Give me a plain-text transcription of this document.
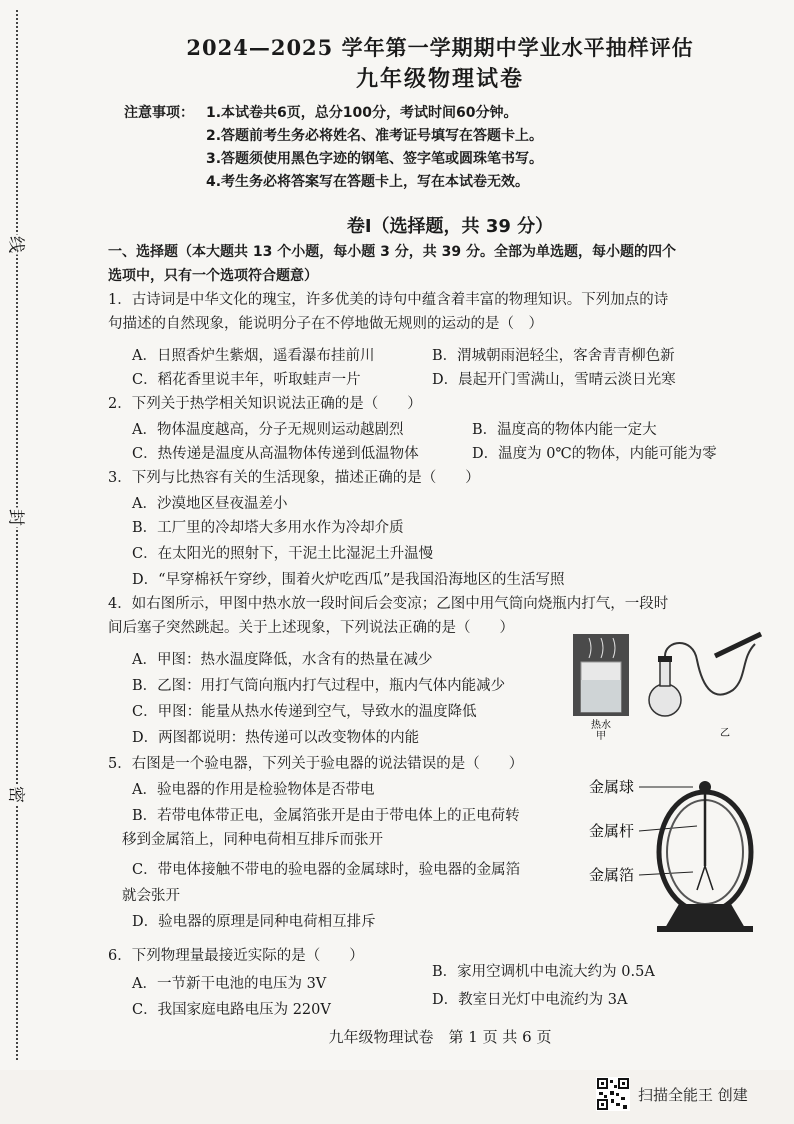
线
封
密
2024—2025 学年第一学期期中学业水平抽样评估
九年级物理试卷
注意事项： 1.本试卷共6页，总分100分，考试时间60分钟。
2.答题前考生务必将姓名、准考证号填写在答题卡上。
3.答题须使用黑色字迹的钢笔、签字笔或圆珠笔书写。
4.考生务必将答案写在答题卡上，写在本试卷无效。
卷Ⅰ（选择题，共 39 分）
一、选择题（本大题共 13 个小题，每小题 3 分，共 39 分。全部为单选题，每小题的四个
选项中，只有一个选项符合题意）
1．古诗词是中华文化的瑰宝，许多优美的诗句中蕴含着丰富的物理知识。下列加点的诗
句描述的自然现象，能说明分子在不停地做无规则的运动的是（　）
A．日照香炉生紫烟，遥看瀑布挂前川	B．渭城朝雨浥轻尘，客舍青青柳色新
C．稻花香里说丰年，听取蛙声一片	D．晨起开门雪满山，雪晴云淡日光寒
2．下列关于热学相关知识说法正确的是（　　）
A．物体温度越高，分子无规则运动越剧烈	B．温度高的物体内能一定大
C．热传递是温度从高温物体传递到低温物体	D．温度为 0℃的物体，内能可能为零
3．下列与比热容有关的生活现象，描述正确的是（　　）
A．沙漠地区昼夜温差小
B．工厂里的冷却塔大多用水作为冷却介质
C．在太阳光的照射下，干泥土比湿泥土升温慢
D．“早穿棉袄午穿纱，围着火炉吃西瓜”是我国沿海地区的生活写照
4．如右图所示，甲图中热水放一段时间后会变凉；乙图中用气筒向烧瓶内打气，一段时
间后塞子突然跳起。关于上述现象，下列说法正确的是（　　）
A．甲图：热水温度降低，水含有的热量在减少
B．乙图：用打气筒向瓶内打气过程中，瓶内气体内能减少
C．甲图：能量从热水传递到空气，导致水的温度降低
D．两图都说明：热传递可以改变物体的内能
热水
甲	乙
5．右图是一个验电器，下列关于验电器的说法错误的是（　　）
A．验电器的作用是检验物体是否带电
B．若带电体带正电，金属箔张开是由于带电体上的正电荷转
移到金属箔上，同种电荷相互排斥而张开
C．带电体接触不带电的验电器的金属球时，验电器的金属箔
就会张开
D．验电器的原理是同种电荷相互排斥
金属球
金属杆
金属箔
6．下列物理量最接近实际的是（　　）
A．一节新干电池的电压为 3V
B．家用空调机中电流大约为 0.5A
C．我国家庭电路电压为 220V
D．教室日光灯中电流约为 3A
九年级物理试卷　第 1 页 共 6 页
扫描全能王 创建
